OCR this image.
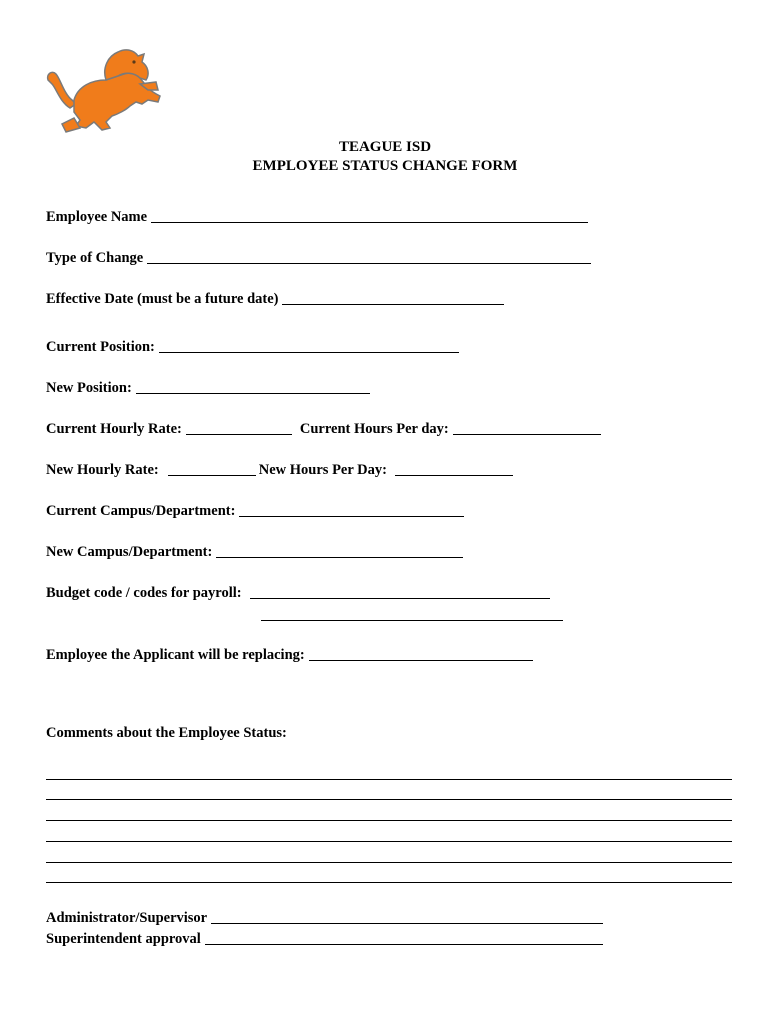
TEAGUE ISD
EMPLOYEE STATUS CHANGE FORM
Employee Name
Type of Change
Effective Date (must be a future date)
Current Position:
New Position:
Current Hourly Rate:	Current Hours Per day:
New Hourly Rate:	New Hours Per Day:
Current Campus/Department:
New Campus/Department:
Budget code / codes for payroll:
Employee the Applicant will be replacing:
Comments about the Employee Status:
Administrator/Supervisor
Superintendent approval
